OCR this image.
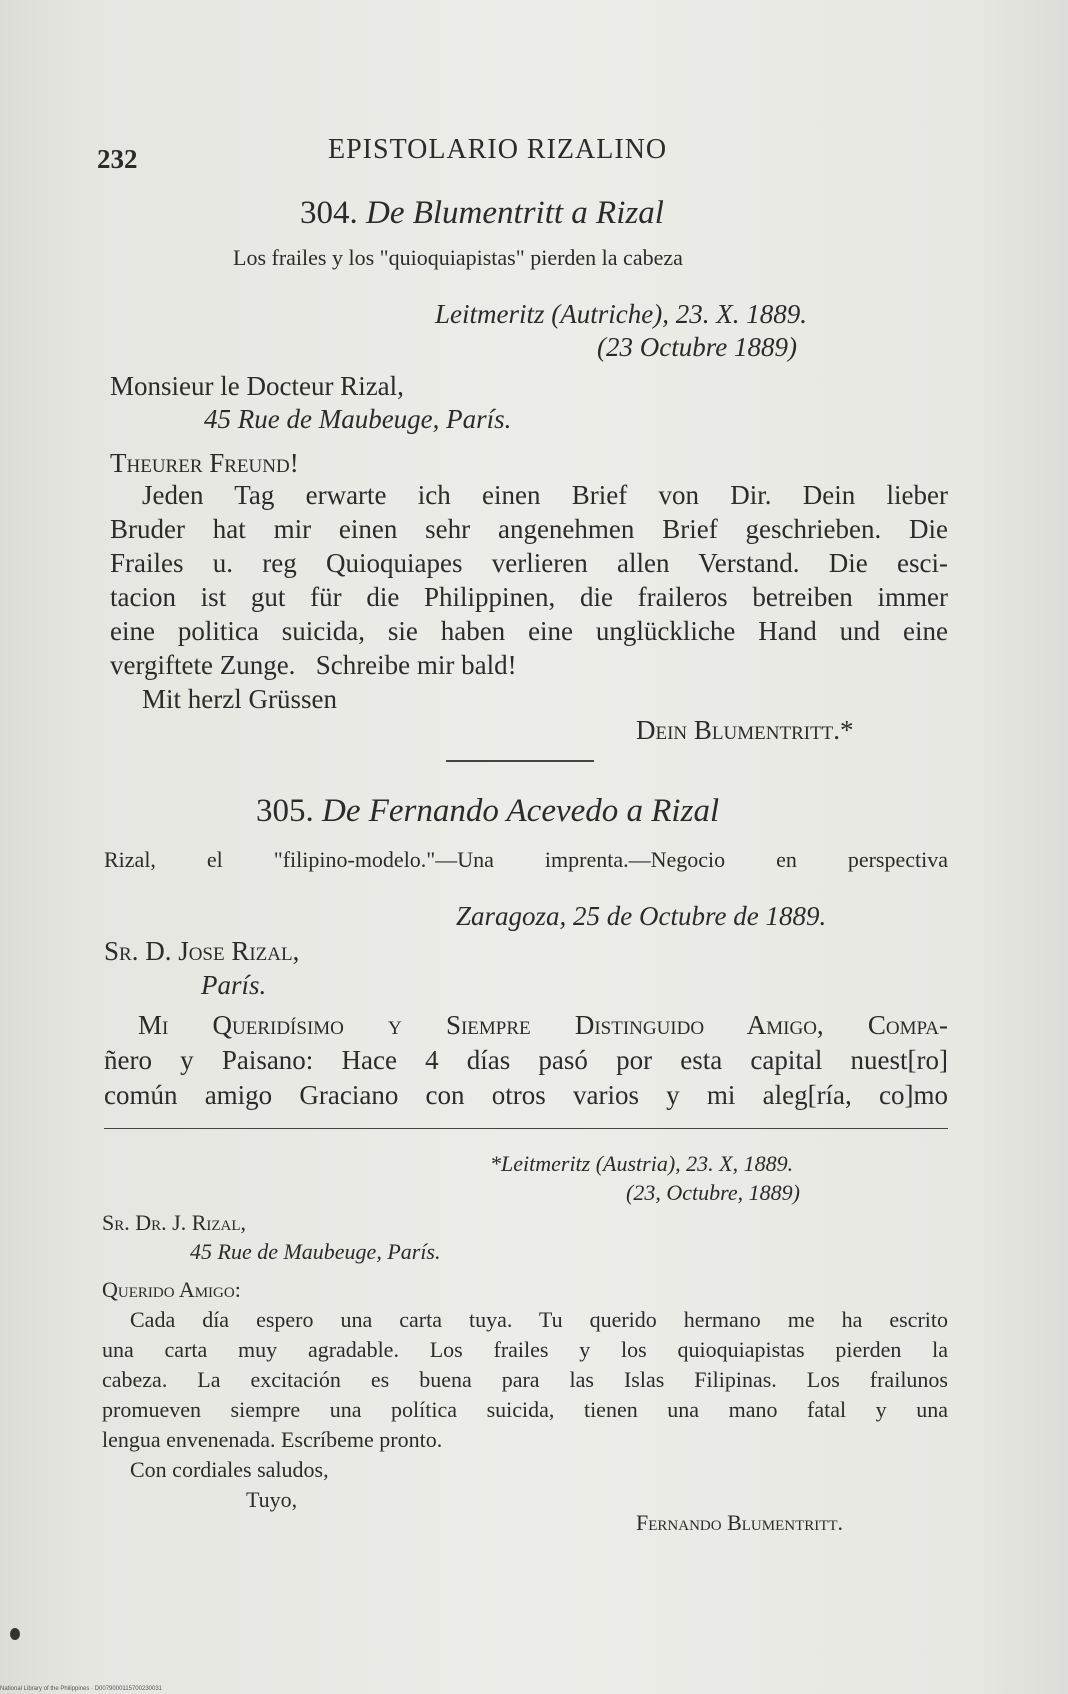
232	EPISTOLARIO RIZALINO
304. De Blumentritt a Rizal
Los frailes y los "quioquiapistas" pierden la cabeza
Leitmeritz (Autriche), 23. X. 1889.
(23 Octubre 1889)
Monsieur le Docteur Rizal,
45 Rue de Maubeuge, París.
Theurer Freund!
Jeden Tag erwarte ich einen Brief von Dir. Dein lieber
Bruder hat mir einen sehr angenehmen Brief geschrieben. Die
Frailes u. reg Quioquiapes verlieren allen Verstand. Die esci-
tacion ist gut für die Philippinen, die fraileros betreiben immer
eine politica suicida, sie haben eine unglückliche Hand und eine
vergiftete Zunge. Schreibe mir bald!
Mit herzl Grüssen
Dein Blumentritt.*
305. De Fernando Acevedo a Rizal
Rizal, el "filipino-modelo."—Una imprenta.—Negocio en perspectiva
Zaragoza, 25 de Octubre de 1889.
Sr. D. Jose Rizal,
París.
Mi Queridísimo y Siempre Distinguido Amigo, Compa-
ñero y Paisano: Hace 4 días pasó por esta capital nuest[ro]
común amigo Graciano con otros varios y mi aleg[ría, co]mo
*Leitmeritz (Austria), 23. X, 1889.
(23, Octubre, 1889)
Sr. Dr. J. Rizal,
45 Rue de Maubeuge, París.
Querido Amigo:
Cada día espero una carta tuya. Tu querido hermano me ha escrito
una carta muy agradable. Los frailes y los quioquiapistas pierden la
cabeza. La excitación es buena para las Islas Filipinas. Los frailunos
promueven siempre una política suicida, tienen una mano fatal y una
lengua envenenada. Escríbeme pronto.
Con cordiales saludos,
Tuyo,
Fernando Blumentritt.
National Library of the Philippines · D0079000115700230031
